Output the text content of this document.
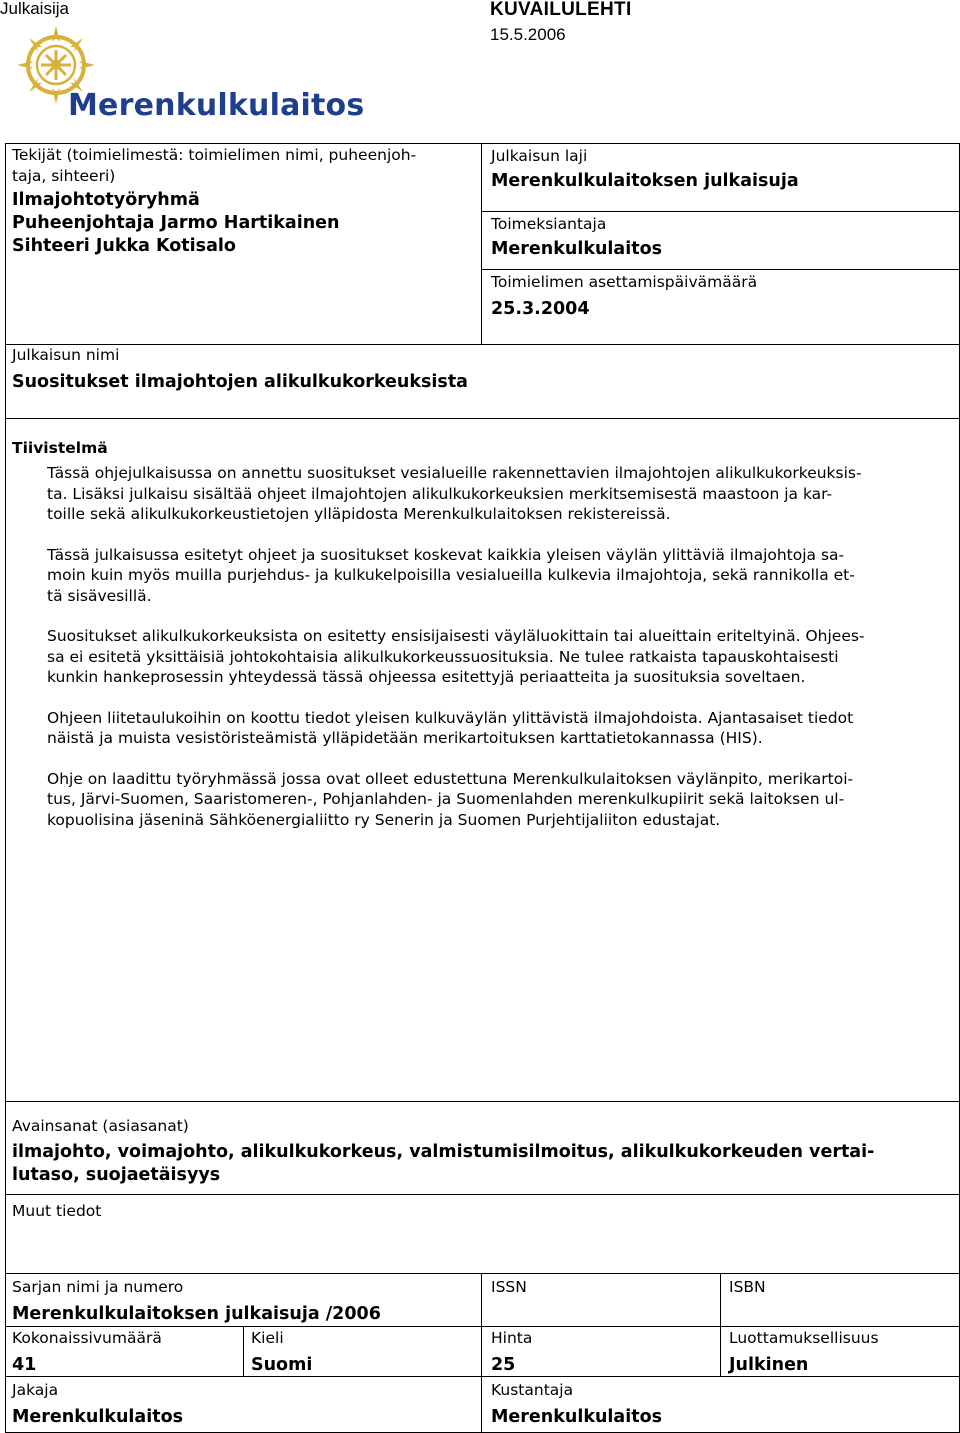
Julkaisija	KUVAILULEHTI
15.5.2006
Merenkulkulaitos
Tekijät (toimielimestä: toimielimen nimi, puheenjoh-
taja, sihteeri)
Ilmajohtotyöryhmä
Puheenjohtaja Jarmo Hartikainen
Sihteeri Jukka Kotisalo
Julkaisun laji
Merenkulkulaitoksen julkaisuja
Toimeksiantaja
Merenkulkulaitos
Toimielimen asettamispäivämäärä
25.3.2004
Julkaisun nimi
Suositukset ilmajohtojen alikulkukorkeuksista
Tiivistelmä
Tässä ohjejulkaisussa on annettu suositukset vesialueille rakennettavien ilmajohtojen alikulkukorkeuksis-
ta. Lisäksi julkaisu sisältää ohjeet ilmajohtojen alikulkukorkeuksien merkitsemisestä maastoon ja kar-
toille sekä alikulkukorkeustietojen ylläpidosta Merenkulkulaitoksen rekistereissä.
Tässä julkaisussa esitetyt ohjeet ja suositukset koskevat kaikkia yleisen väylän ylittäviä ilmajohtoja sa-
moin kuin myös muilla purjehdus- ja kulkukelpoisilla vesialueilla kulkevia ilmajohtoja, sekä rannikolla et-
tä sisävesillä.
Suositukset alikulkukorkeuksista on esitetty ensisijaisesti väyläluokittain tai alueittain eriteltyinä. Ohjees-
sa ei esitetä yksittäisiä johtokohtaisia alikulkukorkeussuosituksia. Ne tulee ratkaista tapauskohtaisesti
kunkin hankeprosessin yhteydessä tässä ohjeessa esitettyjä periaatteita ja suosituksia soveltaen.
Ohjeen liitetaulukoihin on koottu tiedot yleisen kulkuväylän ylittävistä ilmajohdoista. Ajantasaiset tiedot
näistä ja muista vesistöristeämistä ylläpidetään merikartoituksen karttatietokannassa (HIS).
Ohje on laadittu työryhmässä jossa ovat olleet edustettuna Merenkulkulaitoksen väylänpito, merikartoi-
tus, Järvi-Suomen, Saaristomeren-, Pohjanlahden- ja Suomenlahden merenkulkupiirit sekä laitoksen ul-
kopuolisina jäseninä Sähköenergialiitto ry Senerin ja Suomen Purjehtijaliiton edustajat.
Avainsanat (asiasanat)
ilmajohto, voimajohto, alikulkukorkeus, valmistumisilmoitus, alikulkukorkeuden vertai-
lutaso, suojaetäisyys
Muut tiedot
Sarjan nimi ja numero
Merenkulkulaitoksen julkaisuja /2006
ISSN	ISBN
Kokonaissivumäärä
41
Kieli
Suomi
Hinta
25
Luottamuksellisuus
Julkinen
Jakaja
Merenkulkulaitos
Kustantaja
Merenkulkulaitos
